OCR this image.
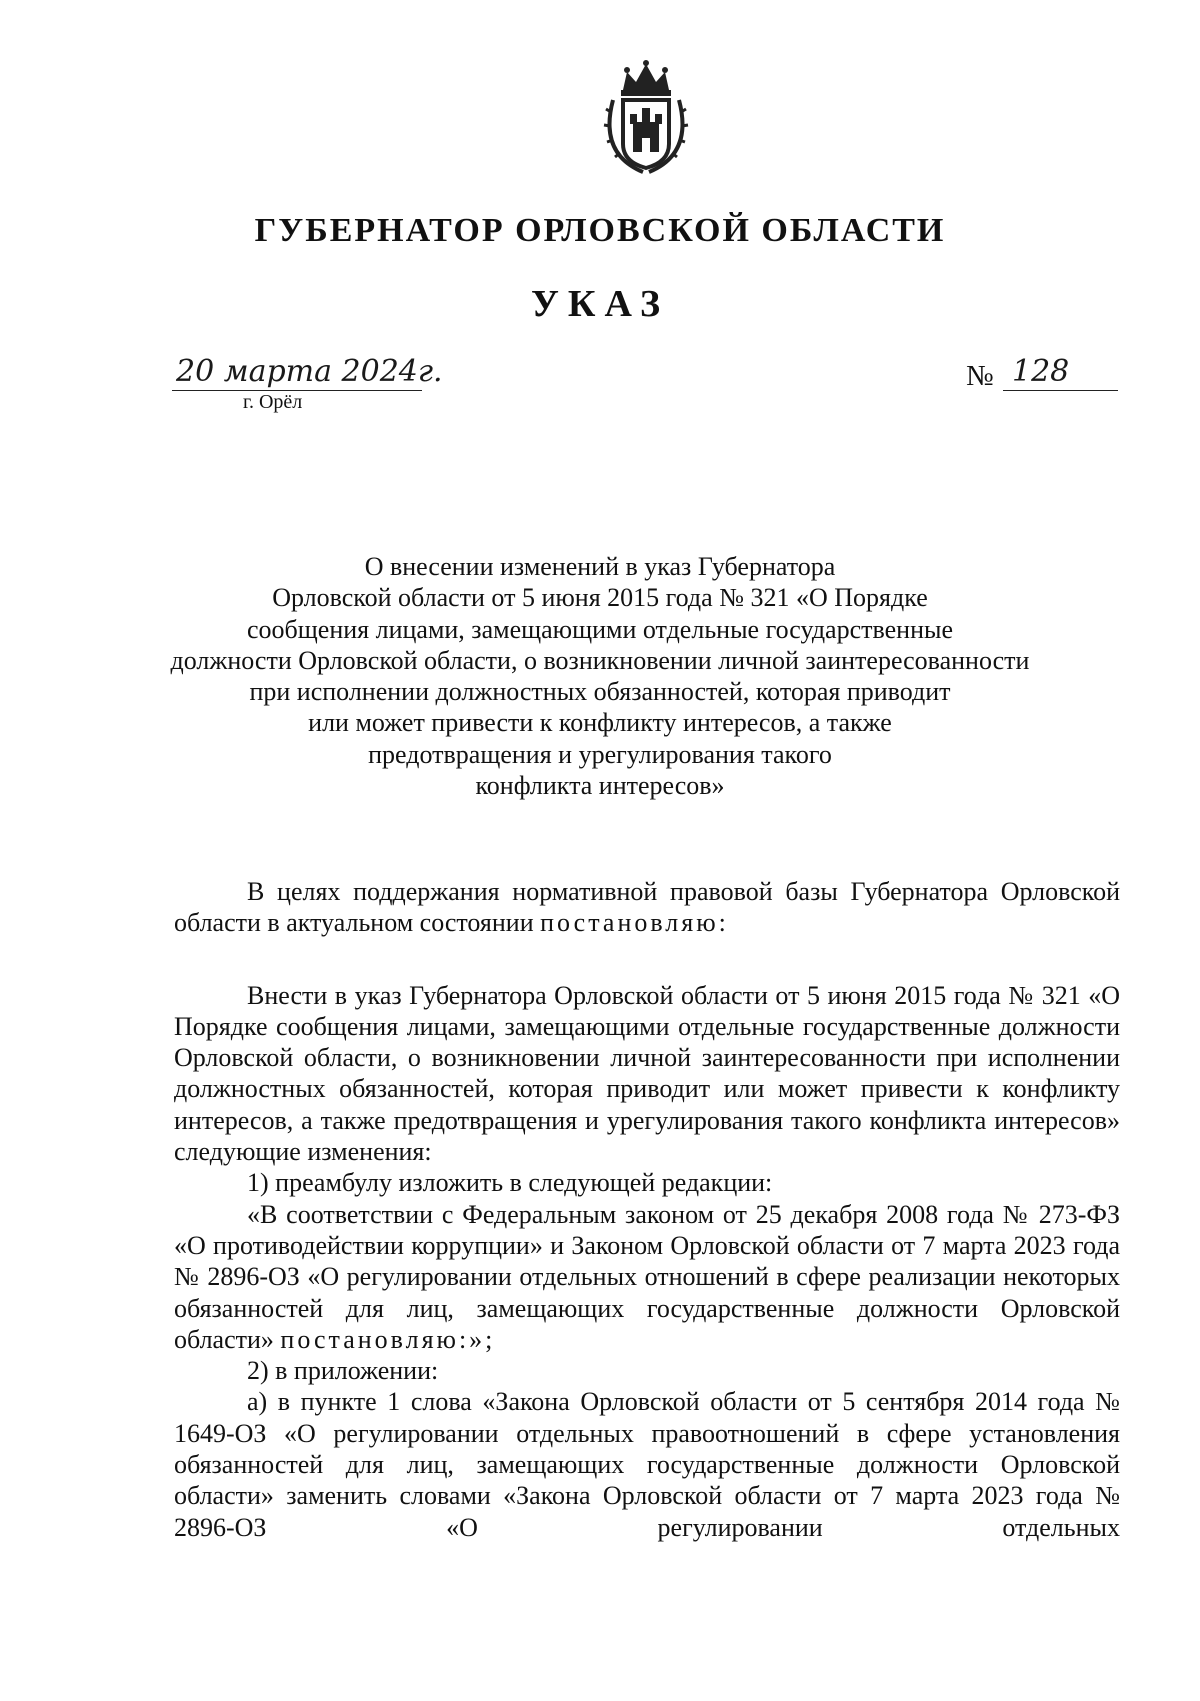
ГУБЕРНАТОР ОРЛОВСКОЙ ОБЛАСТИ
УКАЗ
20 марта 2024г.
г. Орёл
№ 128
О внесении изменений в указ Губернатора
Орловской области от 5 июня 2015 года № 321 «О Порядке
сообщения лицами, замещающими отдельные государственные
должности Орловской области, о возникновении личной заинтересованности
при исполнении должностных обязанностей, которая приводит
или может привести к конфликту интересов, а также
предотвращения и урегулирования такого
конфликта интересов»

В целях поддержания нормативной правовой базы Губернатора Орловской области в актуальном состоянии постановляю:

Внести в указ Губернатора Орловской области от 5 июня 2015 года № 321 «О Порядке сообщения лицами, замещающими отдельные государственные должности Орловской области, о возникновении личной заинтересованности при исполнении должностных обязанностей, которая приводит или может привести к конфликту интересов, а также предотвращения и урегулирования такого конфликта интересов» следующие изменения:

1) преамбулу изложить в следующей редакции:

«В соответствии с Федеральным законом от 25 декабря 2008 года № 273-ФЗ «О противодействии коррупции» и Законом Орловской области от 7 марта 2023 года № 2896-ОЗ «О регулировании отдельных отношений в сфере реализации некоторых обязанностей для лиц, замещающих государственные должности Орловской области» постановляю:»;

2) в приложении:

а) в пункте 1 слова «Закона Орловской области от 5 сентября 2014 года № 1649-ОЗ «О регулировании отдельных правоотношений в сфере установления обязанностей для лиц, замещающих государственные должности Орловской области» заменить словами «Закона Орловской области от 7 марта 2023 года № 2896-ОЗ «О регулировании отдельных
